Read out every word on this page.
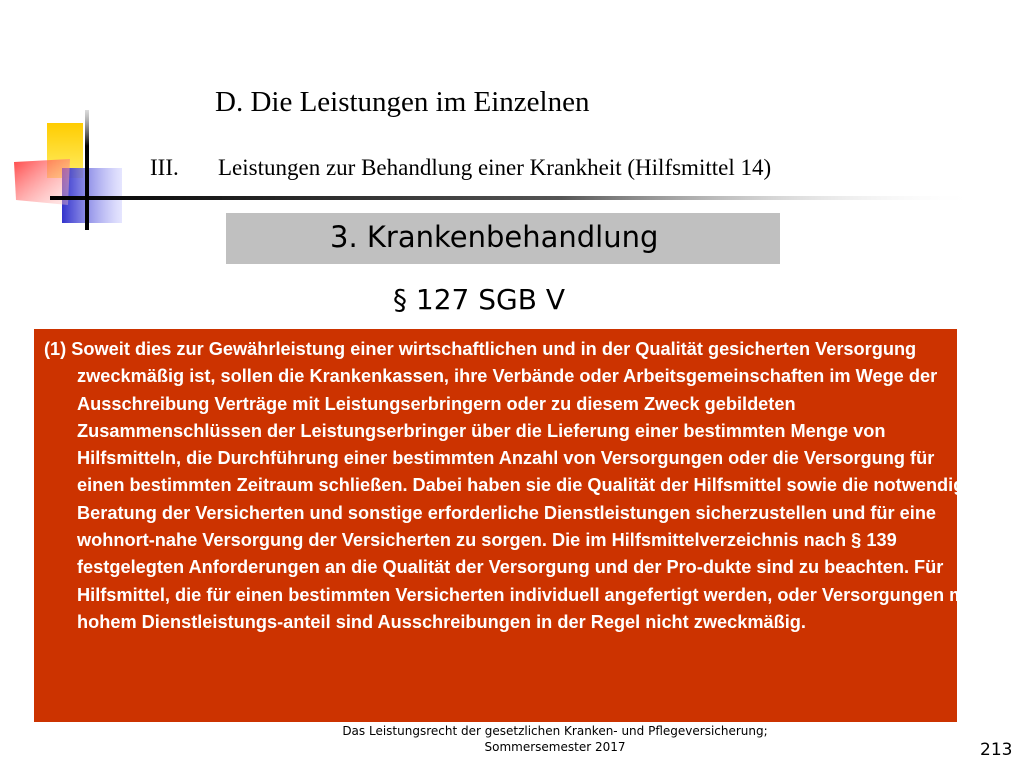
D. Die Leistungen im Einzelnen
III. Leistungen zur Behandlung einer Krankheit (Hilfsmittel 14)
3. Krankenbehandlung
§ 127 SGB V

(1) Soweit dies zur Gewährleistung einer wirtschaftlichen und in der Qualität gesicherten Versorgung zweckmäßig ist, sollen die Krankenkassen, ihre Verbände oder Arbeitsgemeinschaften im Wege der Ausschreibung Verträge mit Leistungserbringern oder zu diesem Zweck gebildeten Zusammenschlüssen der Leistungserbringer über die Lieferung einer bestimmten Menge von Hilfsmitteln, die Durchführung einer bestimmten Anzahl von Versorgungen oder die Versorgung für einen bestimmten Zeitraum schließen. Dabei haben sie die Qualität der Hilfsmittel sowie die notwendige Beratung der Versicherten und sonstige erforderliche Dienstleistungen sicherzustellen und für eine wohnort-nahe Versorgung der Versicherten zu sorgen. Die im Hilfsmittelverzeichnis nach § 139 festgelegten Anforderungen an die Qualität der Versorgung und der Pro-dukte sind zu beachten. Für Hilfsmittel, die für einen bestimmten Versicherten individuell angefertigt werden, oder Versorgungen mit hohem Dienstleistungs-anteil sind Ausschreibungen in der Regel nicht zweckmäßig.

Das Leistungsrecht der gesetzlichen Kranken- und Pflegeversicherung;
Sommersemester 2017	213
